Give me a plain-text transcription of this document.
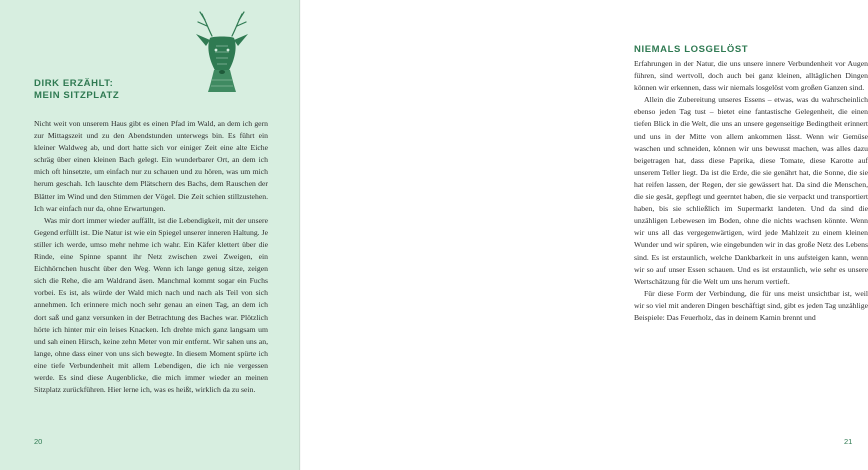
DIRK ERZÄHLT:
MEIN SITZPLATZ

Nicht weit von unserem Haus gibt es einen Pfad im Wald, an dem ich gern zur Mittagszeit und zu den Abendstunden unterwegs bin. Es führt ein kleiner Waldweg ab, und dort hatte sich vor einiger Zeit eine alte Eiche schräg über einen kleinen Bach gelegt. Ein wunderbarer Ort, an dem ich mich oft hinsetzte, um einfach nur zu schauen und zu hören, was um mich herum geschah. Ich lauschte dem Plätschern des Bachs, dem Rauschen der Blätter im Wind und den Stimmen der Vögel. Die Zeit schien stillzustehen. Ich war einfach nur da, ohne Erwartungen.

Was mir dort immer wieder auffällt, ist die Lebendigkeit, mit der unsere Gegend erfüllt ist. Die Natur ist wie ein Spiegel unserer inneren Haltung. Je stiller ich werde, umso mehr nehme ich wahr. Ein Käfer klettert über die Rinde, eine Spinne spannt ihr Netz zwischen zwei Zweigen, ein Eichhörnchen huscht über den Weg. Wenn ich lange genug sitze, zeigen sich die Rehe, die am Waldrand äsen. Manchmal kommt sogar ein Fuchs vorbei. Es ist, als würde der Wald mich nach und nach als Teil von sich annehmen. Ich erinnere mich noch sehr genau an einen Tag, an dem ich dort saß und ganz versunken in der Betrachtung des Baches war. Plötzlich hörte ich hinter mir ein leises Knacken. Ich drehte mich ganz langsam um und sah einen Hirsch, keine zehn Meter von mir entfernt. Wir sahen uns an, lange, ohne dass einer von uns sich bewegte. In diesem Moment spürte ich eine tiefe Verbundenheit mit allem Lebendigen, die ich nie vergessen werde. Es sind diese Augenblicke, die mich immer wieder an meinen Sitzplatz zurückführen. Hier lerne ich, was es heißt, wirklich da zu sein.

20
NIEMALS LOSGELÖST

Erfahrungen in der Natur, die uns unsere innere Verbundenheit vor Augen führen, sind wertvoll, doch auch bei ganz kleinen, alltäglichen Dingen können wir erkennen, dass wir niemals losgelöst vom großen Ganzen sind.

Allein die Zubereitung unseres Essens – etwas, was du wahrscheinlich ebenso jeden Tag tust – bietet eine fantastische Gelegenheit, die einen tiefen Blick in die Welt, die uns an unsere gegenseitige Bedingtheit erinnert und uns in der Mitte von allem ankommen lässt. Wenn wir Gemüse waschen und schneiden, können wir uns bewusst machen, was alles dazu beigetragen hat, dass diese Paprika, diese Tomate, diese Karotte auf unserem Teller liegt. Da ist die Erde, die sie genährt hat, die Sonne, die sie hat reifen lassen, der Regen, der sie gewässert hat. Da sind die Menschen, die sie gesät, gepflegt und geerntet haben, die sie verpackt und transportiert haben, bis sie schließlich im Supermarkt landeten. Und da sind die unzähligen Lebewesen im Boden, ohne die nichts wachsen könnte. Wenn wir uns all das vergegenwärtigen, wird jede Mahlzeit zu einem kleinen Wunder und wir spüren, wie eingebunden wir in das große Netz des Lebens sind. Es ist erstaunlich, welche Dankbarkeit in uns aufsteigen kann, wenn wir so auf unser Essen schauen. Und es ist erstaunlich, wie sehr es unsere Wertschätzung für die Welt um uns herum vertieft.

Für diese Form der Verbindung, die für uns meist unsichtbar ist, weil wir so viel mit anderen Dingen beschäftigt sind, gibt es jeden Tag unzählige Beispiele: Das Feuerholz, das in deinem Kamin brennt und

21
